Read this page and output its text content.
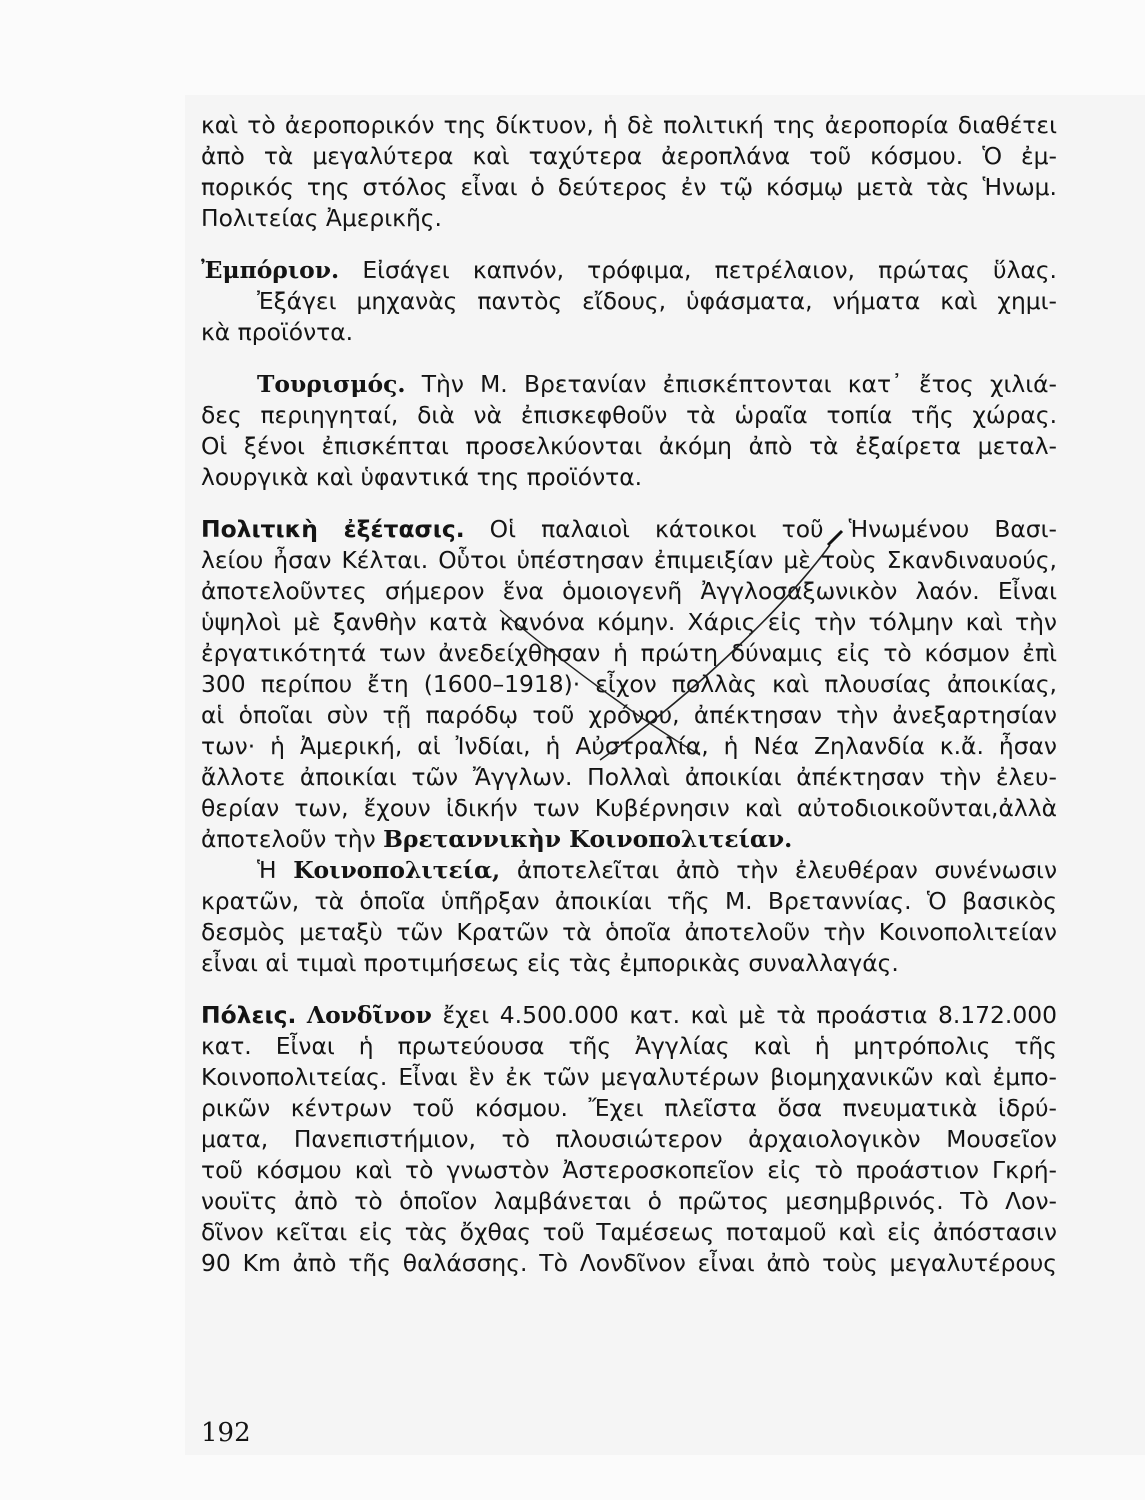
καὶ τὸ ἀεροπορικόν της δίκτυον, ἡ δὲ πολιτική της ἀεροπορία διαθέτει
ἀπὸ τὰ μεγαλύτερα καὶ ταχύτερα ἀεροπλάνα τοῦ κόσμου. Ὁ ἐμ-
πορικός της στόλος εἶναι ὁ δεύτερος ἐν τῷ κόσμῳ μετὰ τὰς Ἡνωμ.
Πολιτείας Ἀμερικῆς.
Ἐμπόριον. Εἰσάγει καπνόν, τρόφιμα, πετρέλαιον, πρώτας ὕλας.
Ἐξάγει μηχανὰς παντὸς εἴδους, ὑφάσματα, νήματα καὶ χημι-
κὰ προϊόντα.
Τουρισμός. Τὴν Μ. Βρετανίαν ἐπισκέπτονται κατ᾽ ἔτος χιλιά-
δες περιηγηταί, διὰ νὰ ἐπισκεφθοῦν τὰ ὡραῖα τοπία τῆς χώρας.
Οἱ ξένοι ἐπισκέπται προσελκύονται ἀκόμη ἀπὸ τὰ ἐξαίρετα μεταλ-
λουργικὰ καὶ ὑφαντικά της προϊόντα.
Πολιτικὴ ἐξέτασις. Οἱ παλαιοὶ κάτοικοι τοῦ Ἡνωμένου Βασι-
λείου ἦσαν Κέλται. Οὗτοι ὑπέστησαν ἐπιμειξίαν μὲ τοὺς Σκανδιναυούς,
ἀποτελοῦντες σήμερον ἕνα ὁμοιογενῆ Ἀγγλοσαξωνικὸν λαόν. Εἶναι
ὑψηλοὶ μὲ ξανθὴν κατὰ κανόνα κόμην. Χάρις εἰς τὴν τόλμην καὶ τὴν
ἐργατικότητά των ἀνεδείχθησαν ἡ πρώτη δύναμις εἰς τὸ κόσμον ἐπὶ
300 περίπου ἔτη (1600–1918)· εἶχον πολλὰς καὶ πλουσίας ἀποικίας,
αἱ ὁποῖαι σὺν τῇ παρόδῳ τοῦ χρόνου, ἀπέκτησαν τὴν ἀνεξαρτησίαν
των· ἡ Ἀμερική, αἱ Ἰνδίαι, ἡ Αὐστραλία, ἡ Νέα Ζηλανδία κ.ἄ. ἦσαν
ἄλλοτε ἀποικίαι τῶν Ἄγγλων. Πολλαὶ ἀποικίαι ἀπέκτησαν τὴν ἐλευ-
θερίαν των, ἔχουν ἰδικήν των Κυβέρνησιν καὶ αὐτοδιοικοῦνται,ἀλλὰ
ἀποτελοῦν τὴν Βρεταννικὴν Κοινοπολιτείαν.
Ἡ Κοινοπολιτεία, ἀποτελεῖται ἀπὸ τὴν ἐλευθέραν συνένωσιν
κρατῶν, τὰ ὁποῖα ὑπῆρξαν ἀποικίαι τῆς Μ. Βρεταννίας. Ὁ βασικὸς
δεσμὸς μεταξὺ τῶν Κρατῶν τὰ ὁποῖα ἀποτελοῦν τὴν Κοινοπολιτείαν
εἶναι αἱ τιμαὶ προτιμήσεως εἰς τὰς ἐμπορικὰς συναλλαγάς.
Πόλεις. Λονδῖνον ἔχει 4.500.000 κατ. καὶ μὲ τὰ προάστια 8.172.000
κατ. Εἶναι ἡ πρωτεύουσα τῆς Ἀγγλίας καὶ ἡ μητρόπολις τῆς
Κοινοπολιτείας. Εἶναι ἓν ἐκ τῶν μεγαλυτέρων βιομηχανικῶν καὶ ἐμπο-
ρικῶν κέντρων τοῦ κόσμου. Ἔχει πλεῖστα ὅσα πνευματικὰ ἱδρύ-
ματα, Πανεπιστήμιον, τὸ πλουσιώτερον ἀρχαιολογικὸν Μουσεῖον
τοῦ κόσμου καὶ τὸ γνωστὸν Ἀστεροσκοπεῖον εἰς τὸ προάστιον Γκρή-
νουϊτς ἀπὸ τὸ ὁποῖον λαμβάνεται ὁ πρῶτος μεσημβρινός. Τὸ Λον-
δῖνον κεῖται εἰς τὰς ὄχθας τοῦ Ταμέσεως ποταμοῦ καὶ εἰς ἀπόστασιν
90 Km ἀπὸ τῆς θαλάσσης. Τὸ Λονδῖνον εἶναι ἀπὸ τοὺς μεγαλυτέρους
192
